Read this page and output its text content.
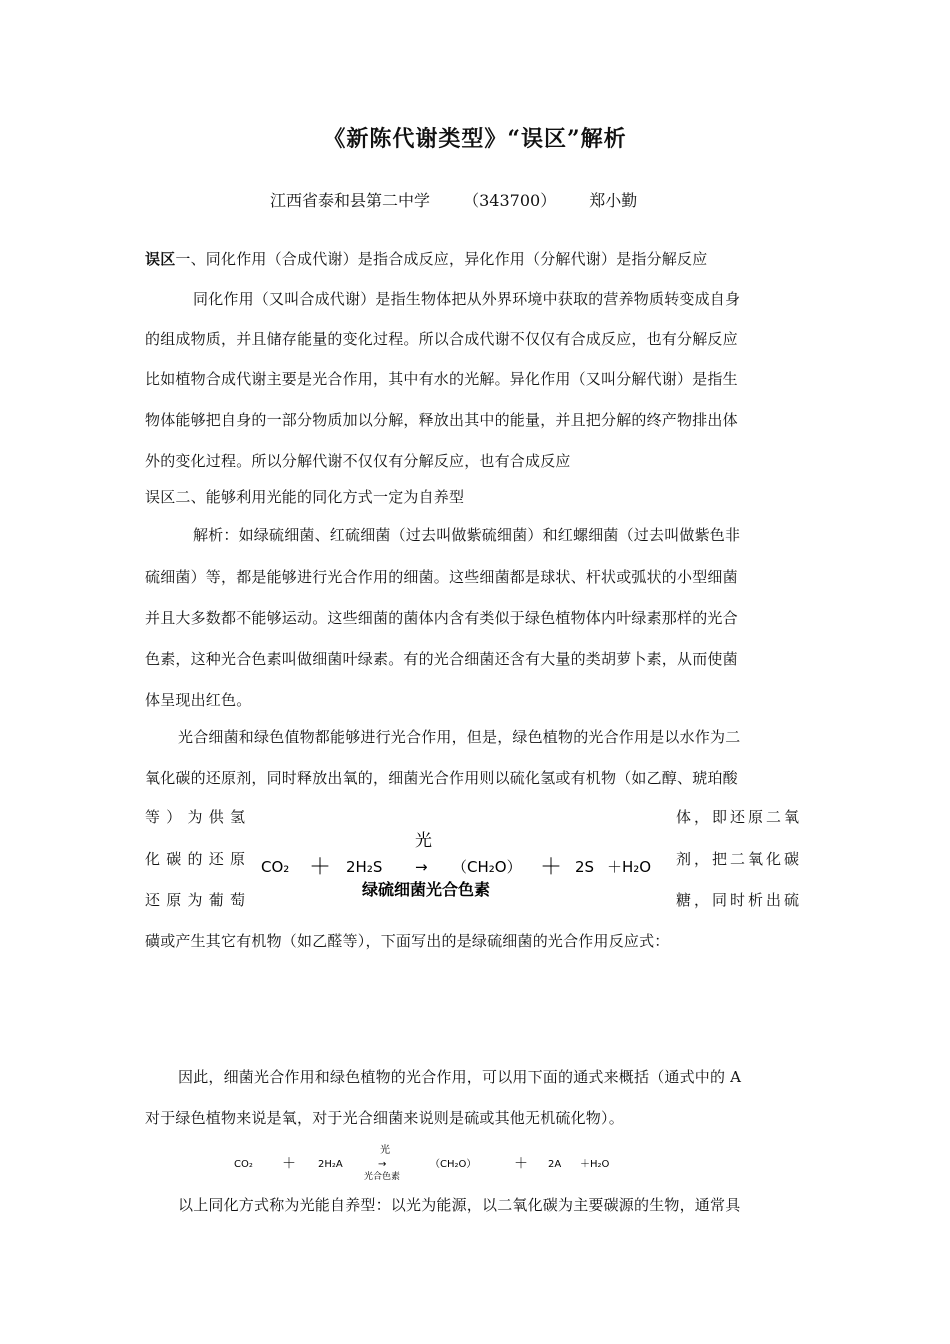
《新陈代谢类型》“误区”解析
江西省泰和县第二中学 （343700） 郑小勤

误区一、同化作用（合成代谢）是指合成反应，异化作用（分解代谢）是指分解反应

同化作用（又叫合成代谢）是指生物体把从外界环境中获取的营养物质转变成自身

的组成物质，并且储存能量的变化过程。所以合成代谢不仅仅有合成反应，也有分解反应

比如植物合成代谢主要是光合作用，其中有水的光解。异化作用（又叫分解代谢）是指生

物体能够把自身的一部分物质加以分解，释放出其中的能量，并且把分解的终产物排出体

外的变化过程。所以分解代谢不仅仅有分解反应，也有合成反应

误区二、能够利用光能的同化方式一定为自养型

解析：如绿硫细菌、红硫细菌（过去叫做紫硫细菌）和红螺细菌（过去叫做紫色非

硫细菌）等，都是能够进行光合作用的细菌。这些细菌都是球状、杆状或弧状的小型细菌

并且大多数都不能够运动。这些细菌的菌体内含有类似于绿色植物体内叶绿素那样的光合

色素，这种光合色素叫做细菌叶绿素。有的光合细菌还含有大量的类胡萝卜素，从而使菌

体呈现出红色。

光合细菌和绿色值物都能够进行光合作用，但是，绿色植物的光合作用是以水作为二

氧化碳的还原剂，同时释放出氧的，细菌光合作用则以硫化氢或有机物（如乙醇、琥珀酸

等 ） 为 供 氢
化 碳 的 还 原
还 原 为 葡 萄
体，即还原二氧
剂，把二氧化碳
糖，同时析出硫
光
CO₂ ＋ 2H₂S → （CH₂O） ＋ 2S ＋H₂O
绿硫细菌光合色素

磺或产生其它有机物（如乙醛等），下面写出的是绿硫细菌的光合作用反应式：

因此，细菌光合作用和绿色植物的光合作用，可以用下面的通式来概括（通式中的 A

对于绿色植物来说是氧，对于光合细菌来说则是硫或其他无机硫化物）。

光
CO₂ ＋ 2H₂A	→
光合色素
（CH₂O）	＋ 2A ＋H₂O

以上同化方式称为光能自养型：以光为能源，以二氧化碳为主要碳源的生物，通常具
